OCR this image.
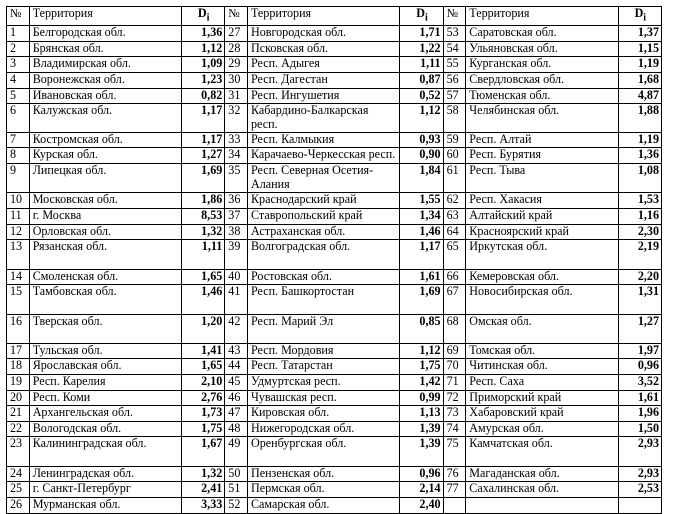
№	Территория	$D_i$	№	Территория	$D_i$	№	Территория	$D_i$
1	Белгородская обл.	1,36	27	Новгородская обл.	1,71	53	Саратовская обл.	1,37
2	Брянская обл.	1,12	28	Псковская обл.	1,22	54	Ульяновская обл.	1,15
3	Владимирская обл.	1,09	29	Респ. Адыгея	1,11	55	Курганская обл.	1,19
4	Воронежская обл.	1,23	30	Респ. Дагестан	0,87	56	Свердловская обл.	1,68
5	Ивановская обл.	0,82	31	Респ. Ингушетия	0,52	57	Тюменская обл.	4,87
6	Калужская обл.	1,17	32	Кабардино-Балкарская респ.	1,12	58	Челябинская обл.	1,88
7	Костромская обл.	1,17	33	Респ. Калмыкия	0,93	59	Респ. Алтай	1,19
8	Курская обл.	1,27	34	Карачаево-Черкесская респ.	0,90	60	Респ. Бурятия	1,36
9	Липецкая обл.	1,69	35	Респ. Северная Осетия-Алания	1,84	61	Респ. Тыва	1,08
10	Московская обл.	1,86	36	Краснодарский край	1,55	62	Респ. Хакасия	1,53
11	г. Москва	8,53	37	Ставропольский край	1,34	63	Алтайский край	1,16
12	Орловская обл.	1,32	38	Астраханская обл.	1,46	64	Красноярский край	2,30
13	Рязанская обл.	1,11	39	Волгоградская обл.	1,17	65	Иркутская обл.	2,19
14	Смоленская обл.	1,65	40	Ростовская обл.	1,61	66	Кемеровская обл.	2,20
15	Тамбовская обл.	1,46	41	Респ. Башкортостан	1,69	67	Новосибирская обл.	1,31
16	Тверская обл.	1,20	42	Респ. Марий Эл	0,85	68	Омская обл.	1,27
17	Тульская обл.	1,41	43	Респ. Мордовия	1,12	69	Томская обл.	1,97
18	Ярославская обл.	1,65	44	Респ. Татарстан	1,75	70	Читинская обл.	0,96
19	Респ. Карелия	2,10	45	Удмуртская респ.	1,42	71	Респ. Саха	3,52
20	Респ. Коми	2,76	46	Чувашская респ.	0,99	72	Приморский край	1,61
21	Архангельская обл.	1,73	47	Кировская обл.	1,13	73	Хабаровский край	1,96
22	Вологодская обл.	1,75	48	Нижегородская обл.	1,39	74	Амурская обл.	1,50
23	Калининградская обл.	1,67	49	Оренбургская обл.	1,39	75	Камчатская обл.	2,93
24	Ленинградская обл.	1,32	50	Пензенская обл.	0,96	76	Магаданская обл.	2,93
25	г. Санкт-Петербург	2,41	51	Пермская обл.	2,14	77	Сахалинская обл.	2,53
26	Мурманская обл.	3,33	52	Самарская обл.	2,40			
